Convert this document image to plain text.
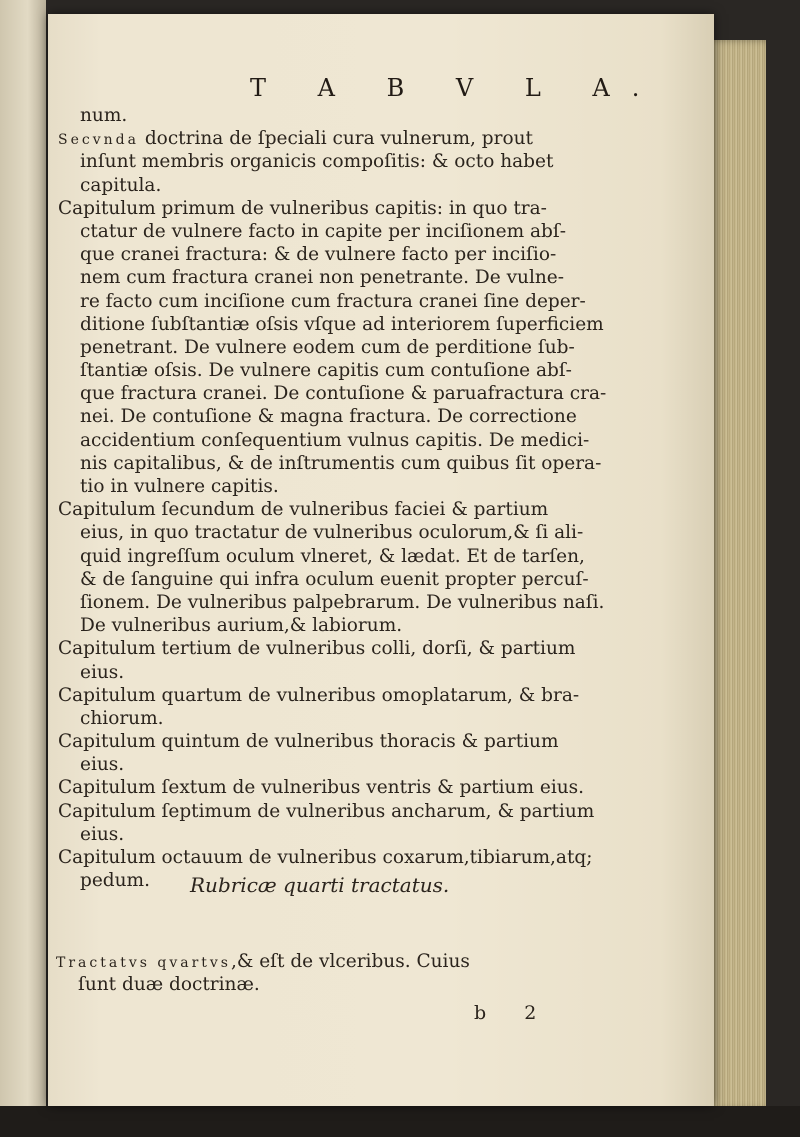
T A B V L A.
num.
Secvnda doctrina de ſpeciali cura vulnerum, prout
inſunt membris organicis compoſitis: & octo habet
capitula.
Capitulum primum de vulneribus capitis: in quo tra-
ctatur de vulnere facto in capite per inciſionem abſ-
que cranei fractura: & de vulnere facto per inciſio-
nem cum fractura cranei non penetrante. De vulne-
re facto cum inciſione cum fractura cranei ſine deper-
ditione ſubſtantiæ oſsis vſque ad interiorem ſuperficiem
penetrant. De vulnere eodem cum de perditione ſub-
ſtantiæ oſsis. De vulnere capitis cum contuſione abſ-
que fractura cranei. De contuſione & paruafractura cra-
nei. De contuſione & magna fractura. De correctione
accidentium conſequentium vulnus capitis. De medici-
nis capitalibus, & de inſtrumentis cum quibus ſit opera-
tio in vulnere capitis.
Capitulum ſecundum de vulneribus faciei & partium
eius, in quo tractatur de vulneribus oculorum,& ſi ali-
quid ingreſſum oculum vlneret, & lædat. Et de tarſen,
& de ſanguine qui infra oculum euenit propter percuſ-
ſionem. De vulneribus palpebrarum. De vulneribus naſi.
De vulneribus aurium,& labiorum.
Capitulum tertium de vulneribus colli, dorſi, & partium
eius.
Capitulum quartum de vulneribus omoplatarum, & bra-
chiorum.
Capitulum quintum de vulneribus thoracis & partium
eius.
Capitulum ſextum de vulneribus ventris & partium eius.
Capitulum ſeptimum de vulneribus ancharum, & partium
eius.
Capitulum octauum de vulneribus coxarum,tibiarum,atq;
pedum.	Rubricæ quarti tractatus.
Tractatvs qvartvs,& eſt de vlceribus. Cuius
ſunt duæ doctrinæ.
b 2
